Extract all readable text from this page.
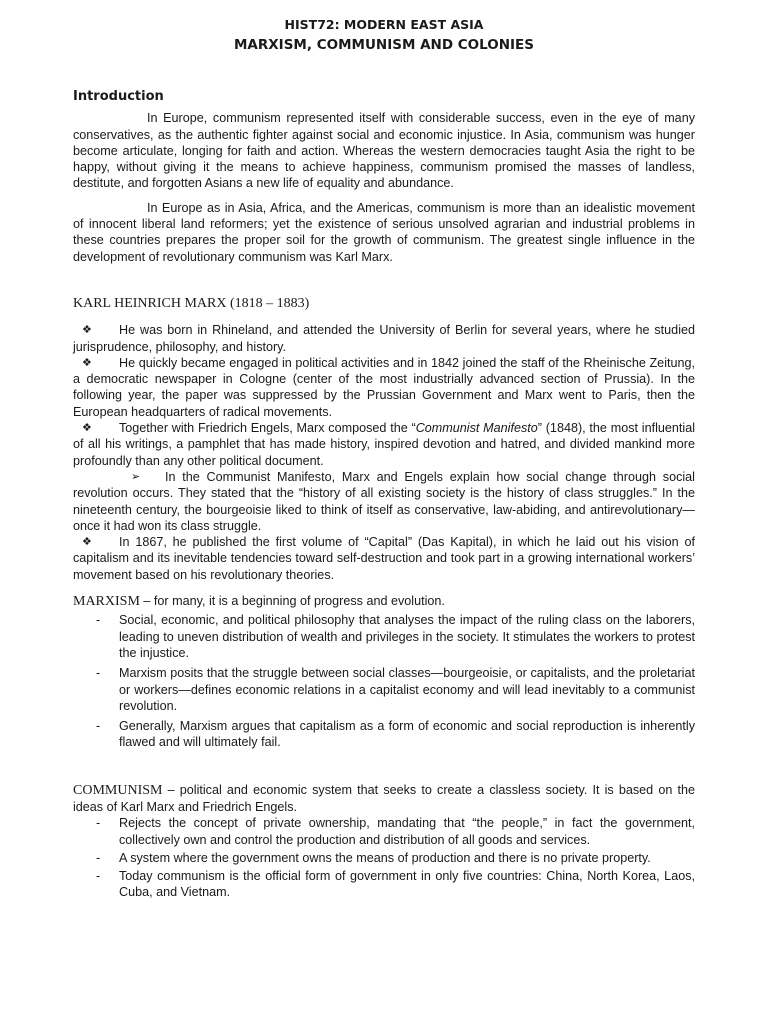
HIST72: MODERN EAST ASIA
MARXISM, COMMUNISM AND COLONIES
Introduction

In Europe, communism represented itself with considerable success, even in the eye of many conservatives, as the authentic fighter against social and economic injustice. In Asia, communism was hunger become articulate, longing for faith and action. Whereas the western democracies taught Asia the right to be happy, without giving it the means to achieve happiness, communism promised the masses of landless, destitute, and forgotten Asians a new life of equality and abundance.

In Europe as in Asia, Africa, and the Americas, communism is more than an idealistic movement of innocent liberal land reformers; yet the existence of serious unsolved agrarian and industrial problems in these countries prepares the proper soil for the growth of communism. The greatest single influence in the development of revolutionary communism was Karl Marx.

KARL HEINRICH MARX (1818 – 1883)
❖ He was born in Rhineland, and attended the University of Berlin for several years, where he studied jurisprudence, philosophy, and history.
❖ He quickly became engaged in political activities and in 1842 joined the staff of the Rheinische Zeitung, a democratic newspaper in Cologne (center of the most industrially advanced section of Prussia). In the following year, the paper was suppressed by the Prussian Government and Marx went to Paris, then the European headquarters of radical movements.
❖ Together with Friedrich Engels, Marx composed the “Communist Manifesto” (1848), the most influential of all his writings, a pamphlet that has made history, inspired devotion and hatred, and divided mankind more profoundly than any other political document.
➢ In the Communist Manifesto, Marx and Engels explain how social change through social revolution occurs. They stated that the “history of all existing society is the history of class struggles.” In the nineteenth century, the bourgeoisie liked to think of itself as conservative, law-abiding, and antirevolutionary—once it had won its class struggle.
❖ In 1867, he published the first volume of “Capital” (Das Kapital), in which he laid out his vision of capitalism and its inevitable tendencies toward self-destruction and took part in a growing international workers’ movement based on his revolutionary theories.
MARXISM – for many, it is a beginning of progress and evolution.
- Social, economic, and political philosophy that analyses the impact of the ruling class on the laborers, leading to uneven distribution of wealth and privileges in the society. It stimulates the workers to protest the injustice.
- Marxism posits that the struggle between social classes—bourgeoisie, or capitalists, and the proletariat or workers—defines economic relations in a capitalist economy and will lead inevitably to a communist revolution.
- Generally, Marxism argues that capitalism as a form of economic and social reproduction is inherently flawed and will ultimately fail.
COMMUNISM – political and economic system that seeks to create a classless society. It is based on the ideas of Karl Marx and Friedrich Engels.
- Rejects the concept of private ownership, mandating that “the people,” in fact the government, collectively own and control the production and distribution of all goods and services.
- A system where the government owns the means of production and there is no private property.
- Today communism is the official form of government in only five countries: China, North Korea, Laos, Cuba, and Vietnam.
